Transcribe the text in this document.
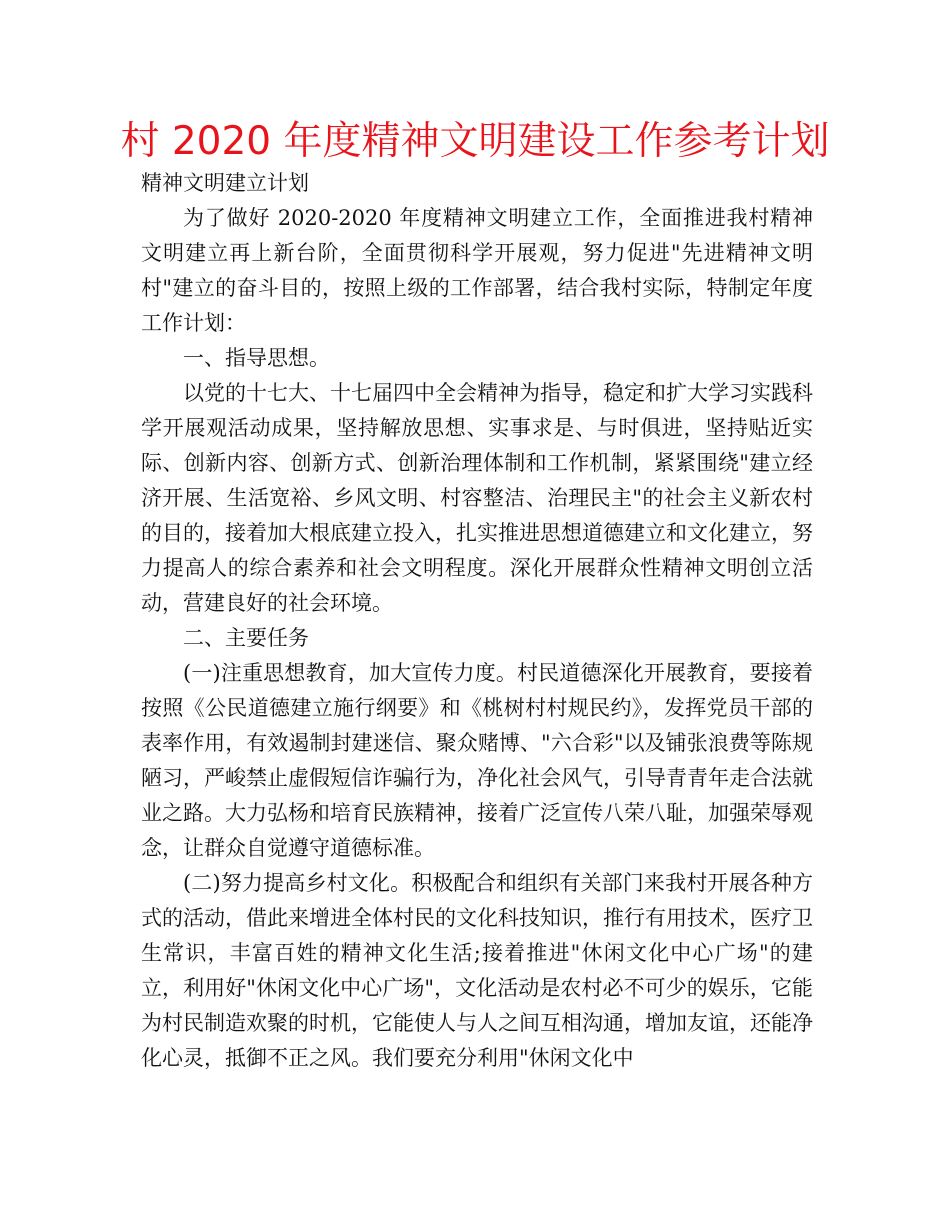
村 2020 年度精神文明建设工作参考计划

精神文明建立计划

为了做好 2020-2020 年度精神文明建立工作，全面推进我村精神文明建立再上新台阶，全面贯彻科学开展观，努力促进"先进精神文明村"建立的奋斗目的，按照上级的工作部署，结合我村实际，特制定年度工作计划：

一、指导思想。

以党的十七大、十七届四中全会精神为指导，稳定和扩大学习实践科学开展观活动成果，坚持解放思想、实事求是、与时俱进，坚持贴近实际、创新内容、创新方式、创新治理体制和工作机制，紧紧围绕"建立经济开展、生活宽裕、乡风文明、村容整洁、治理民主"的社会主义新农村的目的，接着加大根底建立投入，扎实推进思想道德建立和文化建立，努力提高人的综合素养和社会文明程度。深化开展群众性精神文明创立活动，营建良好的社会环境。

二、主要任务

(一)注重思想教育，加大宣传力度。村民道德深化开展教育，要接着按照《公民道德建立施行纲要》和《桃树村村规民约》，发挥党员干部的表率作用，有效遏制封建迷信、聚众赌博、"六合彩"以及铺张浪费等陈规陋习，严峻禁止虚假短信诈骗行为，净化社会风气，引导青青年走合法就业之路。大力弘杨和培育民族精神，接着广泛宣传八荣八耻，加强荣辱观念，让群众自觉遵守道德标准。

(二)努力提高乡村文化。积极配合和组织有关部门来我村开展各种方式的活动，借此来增进全体村民的文化科技知识，推行有用技术，医疗卫生常识，丰富百姓的精神文化生活;接着推进"休闲文化中心广场"的建立，利用好"休闲文化中心广场"，文化活动是农村必不可少的娱乐，它能为村民制造欢聚的时机，它能使人与人之间互相沟通，增加友谊，还能净化心灵，抵御不正之风。我们要充分利用"休闲文化中
